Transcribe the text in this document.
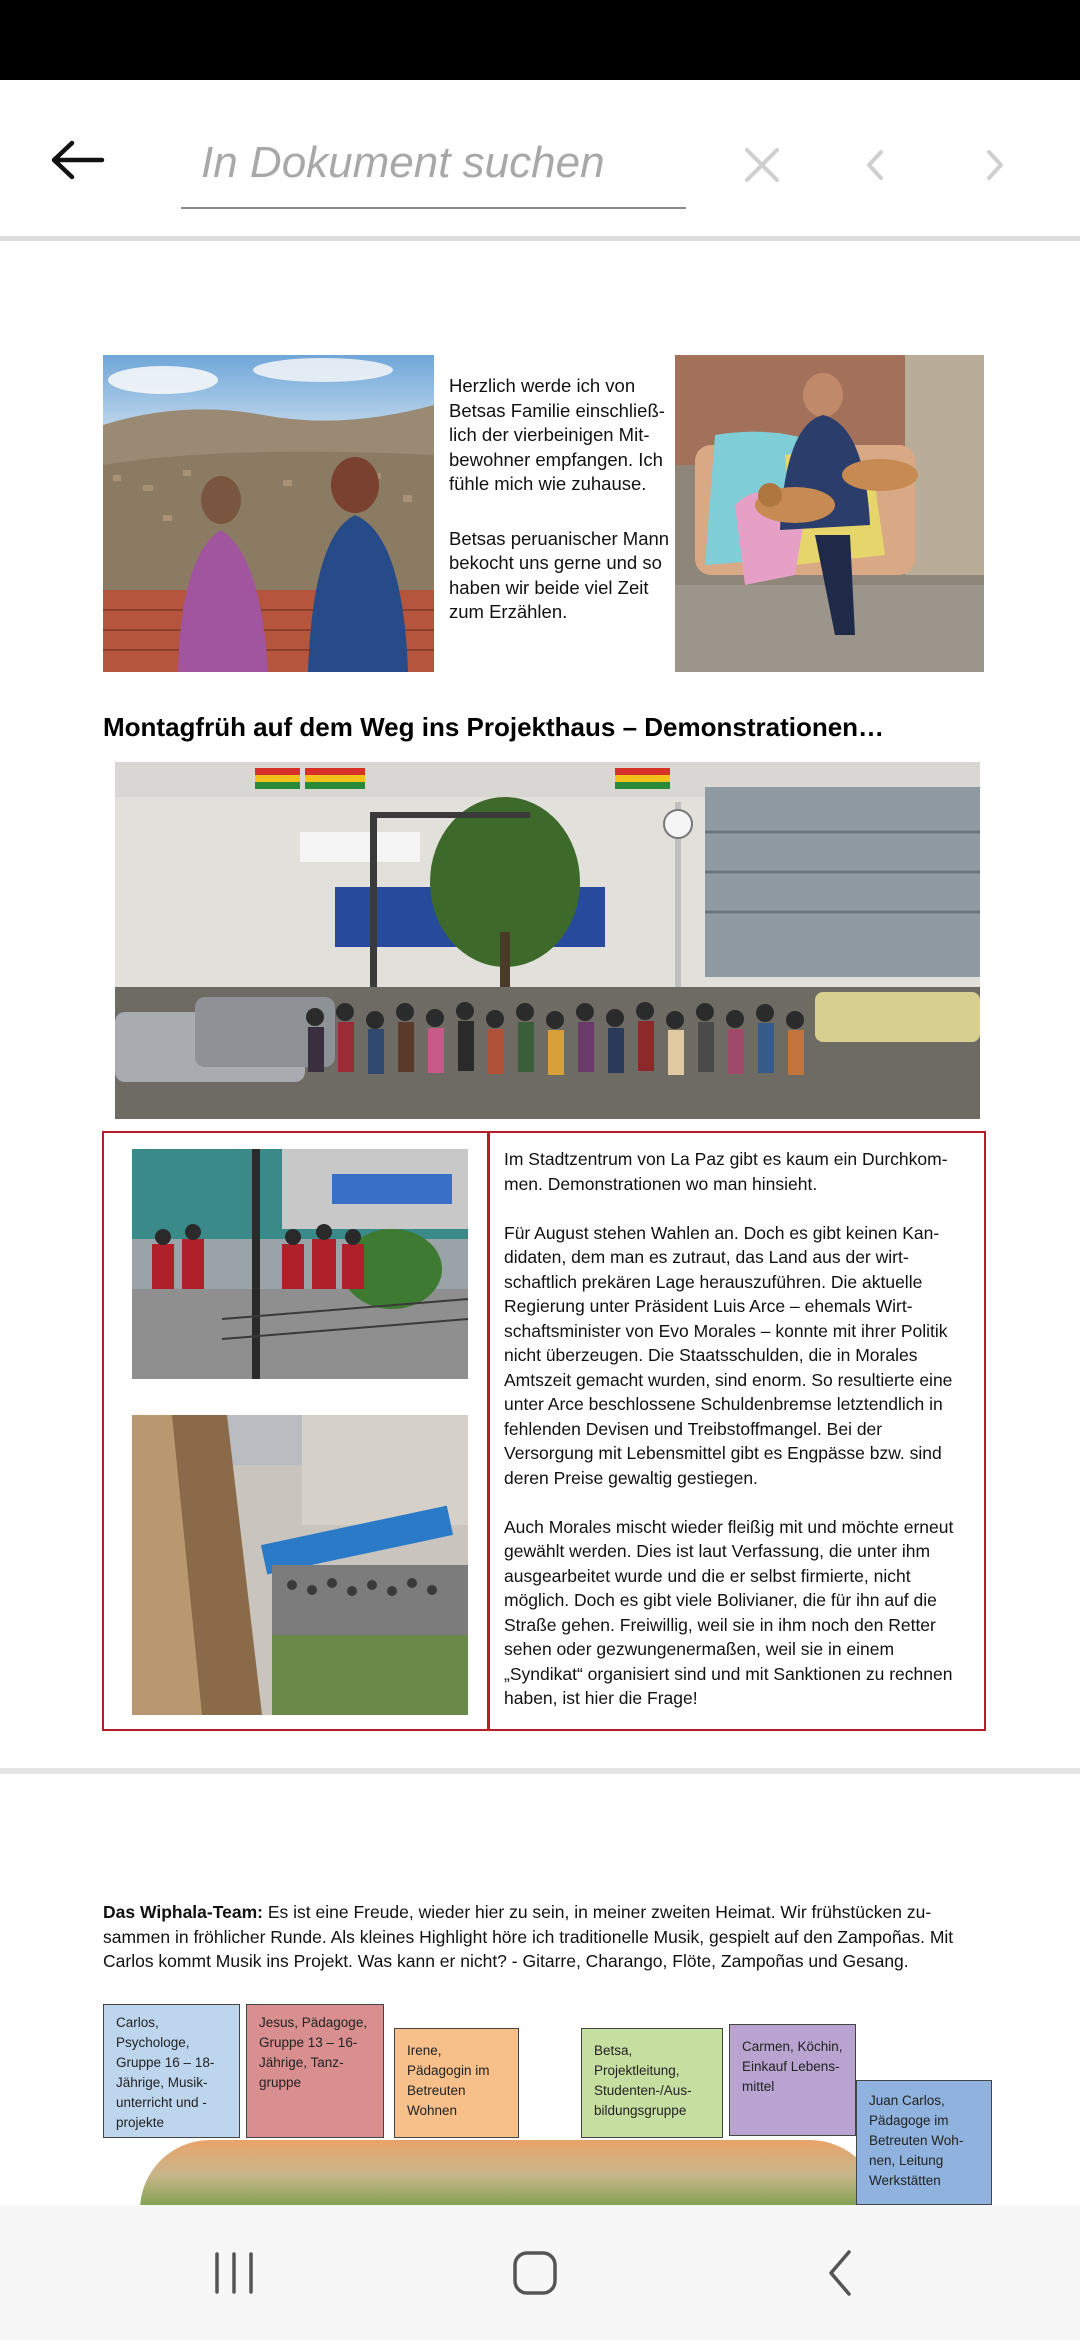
In Dokument suchen

Herzlich werde ich von Betsas Familie einschließlich der vierbeinigen Mitbewohner empfangen. Ich fühle mich wie zuhause.

Betsas peruanischer Mann bekocht uns gerne und so haben wir beide viel Zeit zum Erzählen.

Montagfrüh auf dem Weg ins Projekthaus – Demonstrationen…

Im Stadtzentrum von La Paz gibt es kaum ein Durchkommen. Demonstrationen wo man hinsieht.

Für August stehen Wahlen an. Doch es gibt keinen Kandidaten, dem man es zutraut, das Land aus der wirtschaftlich prekären Lage herauszuführen. Die aktuelle Regierung unter Präsident Luis Arce – ehemals Wirtschaftsminister von Evo Morales – konnte mit ihrer Politik nicht überzeugen. Die Staatsschulden, die in Morales Amtszeit gemacht wurden, sind enorm. So resultierte eine unter Arce beschlossene Schuldenbremse letztendlich in fehlenden Devisen und Treibstoffmangel. Bei der Versorgung mit Lebensmittel gibt es Engpässe bzw. sind deren Preise gewaltig gestiegen.

Auch Morales mischt wieder fleißig mit und möchte erneut gewählt werden. Dies ist laut Verfassung, die unter ihm ausgearbeitet wurde und die er selbst firmierte, nicht möglich. Doch es gibt viele Bolivianer, die für ihn auf die Straße gehen. Freiwillig, weil sie in ihm noch den Retter sehen oder gezwungenermaßen, weil sie in einem „Syndikat“ organisiert sind und mit Sanktionen zu rechnen haben, ist hier die Frage!

Das Wiphala-Team: Es ist eine Freude, wieder hier zu sein, in meiner zweiten Heimat. Wir frühstücken zusammen in fröhlicher Runde. Als kleines Highlight höre ich traditionelle Musik, gespielt auf den Zampoñas. Mit Carlos kommt Musik ins Projekt. Was kann er nicht? - Gitarre, Charango, Flöte, Zampoñas und Gesang.

Carlos, Psychologe, Gruppe 16 – 18-Jährige, Musikunterricht und -projekte
Jesus, Pädagoge, Gruppe 13 – 16-Jährige, Tanzgruppe
Irene, Pädagogin im Betreuten Wohnen
Betsa, Projektleitung, Studenten-/Ausbildungsgruppe
Carmen, Köchin, Einkauf Lebensmittel
Juan Carlos, Pädagoge im Betreuten Wohnen, Leitung Werkstätten
